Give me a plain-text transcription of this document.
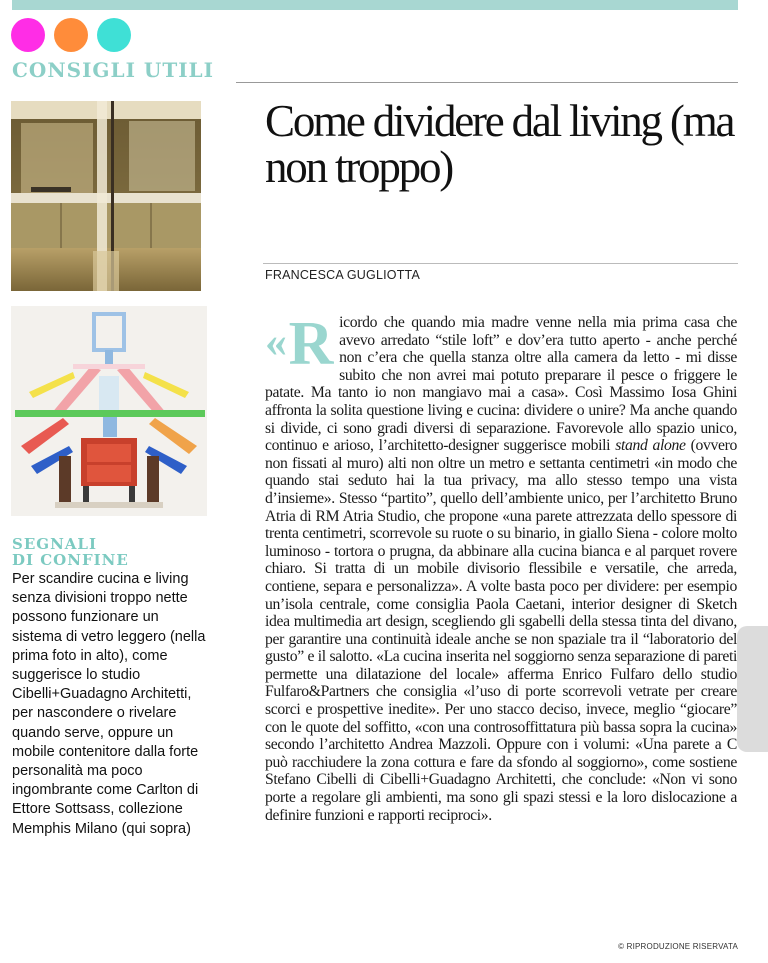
CONSIGLI UTILI
Come dividere dal living (ma non troppo)
FRANCESCA GUGLIOTTA
« R icordo che quando mia madre venne nella mia prima casa che avevo arredato “stile loft” e dov’era tutto aperto - anche perché non c’era che quella stanza oltre alla camera da letto - mi disse subito che non avrei mai potuto preparare il pesce o friggere le patate. Ma tanto io non mangiavo mai a casa». Così Massimo Iosa Ghini affronta la solita questione living e cucina: dividere o unire? Ma anche quando si divide, ci sono gradi diversi di separazione. Favorevole allo spazio unico, continuo e arioso, l’architetto-designer suggerisce mobili stand alone (ovvero non fissati al muro) alti non oltre un metro e settanta centimetri «in modo che quando stai seduto hai la tua privacy, ma allo stesso tempo una vista d’insieme». Stesso “partito”, quello dell’ambiente unico, per l’architetto Bruno Atria di RM Atria Studio, che propone «una parete attrezzata dello spessore di trenta centimetri, scorrevole su ruote o su binario, in giallo Siena - colore molto luminoso - tortora o prugna, da abbinare alla cucina bianca e al parquet rovere chiaro. Si tratta di un mobile divisorio flessibile e versatile, che arreda, contiene, separa e personalizza». A volte basta poco per dividere: per esempio un’isola centrale, come consiglia Paola Caetani, interior designer di Sketch idea multimedia art design, scegliendo gli sgabelli della stessa tinta del divano, per garantire una continuità ideale anche se non spaziale tra il “laboratorio del gusto” e il salotto. «La cucina inserita nel soggiorno senza separazione di pareti permette una dilatazione del locale» afferma Enrico Fulfaro dello studio Fulfaro&Partners che consiglia «l’uso di porte scorrevoli vetrate per creare scorci e prospettive inedite». Per uno stacco deciso, invece, meglio “giocare” con le quote del soffitto, «con una controsoffittatura più bassa sopra la cucina» secondo l’architetto Andrea Mazzoli. Oppure con i volumi: «Una parete a C può racchiudere la zona cottura e fare da sfondo al soggiorno», come sostiene Stefano Cibelli di Cibelli+Guadagno Architetti, che conclude: «Non vi sono porte a regolare gli ambienti, ma sono gli spazi stessi e la loro dislocazione a definire funzioni e rapporti reciproci».
SEGNALI
DI CONFINE
Per scandire cucina e living senza divisioni troppo nette possono funzionare un sistema di vetro leggero (nella prima foto in alto), come suggerisce lo studio Cibelli+Guadagno Architetti, per nascondere o rivelare quando serve, oppure un mobile contenitore dalla forte personalità ma poco ingombrante come Carlton di Ettore Sottsass, collezione Memphis Milano (qui sopra)
© RIPRODUZIONE RISERVATA
